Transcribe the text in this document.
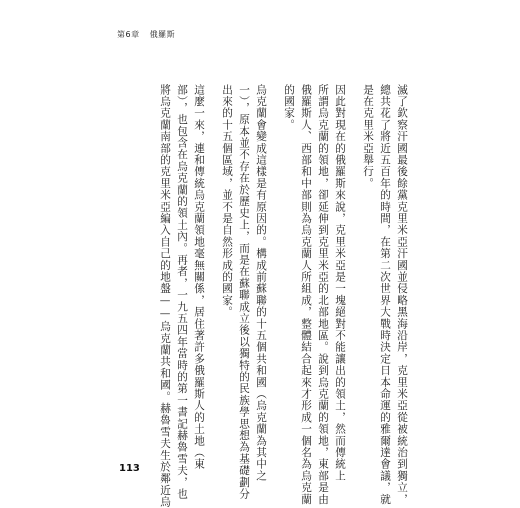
第6章 俄羅斯
滅了欽察汗國最後餘黨克里米亞汗國並侵略黑海沿岸，克里米亞從被統治到獨立，
總共花了將近五百年的時間，在第二次世界大戰時決定日本命運的雅爾達會議，就
是在克里米亞舉行。
因此對現在的俄羅斯來說，克里米亞是一塊絕對不能讓出的領土，然而傳統上
所謂烏克蘭的領地，卻延伸到克里米亞的北部地區。說到烏克蘭的領地，東部是由
俄羅斯人、西部和中部則為烏克蘭人所組成，整體結合起來才形成一個名為烏克蘭
的國家。
烏克蘭會變成這樣是有原因的。構成前蘇聯的十五個共和國（烏克蘭為其中之
一），原本並不存在於歷史上，而是在蘇聯成立後以獨特的民族學思想為基礎劃分
出來的十五個區域，並不是自然形成的國家。
這麼一來，連和傳統烏克蘭領地毫無關係，居住著許多俄羅斯人的土地（東
部），也包含在烏克蘭的領土內。再者，一九五四年當時的第一書記赫魯雪夫，也
將烏克蘭南部的克里米亞編入自己的地盤——烏克蘭共和國。赫魯雪夫生於鄰近烏
113
